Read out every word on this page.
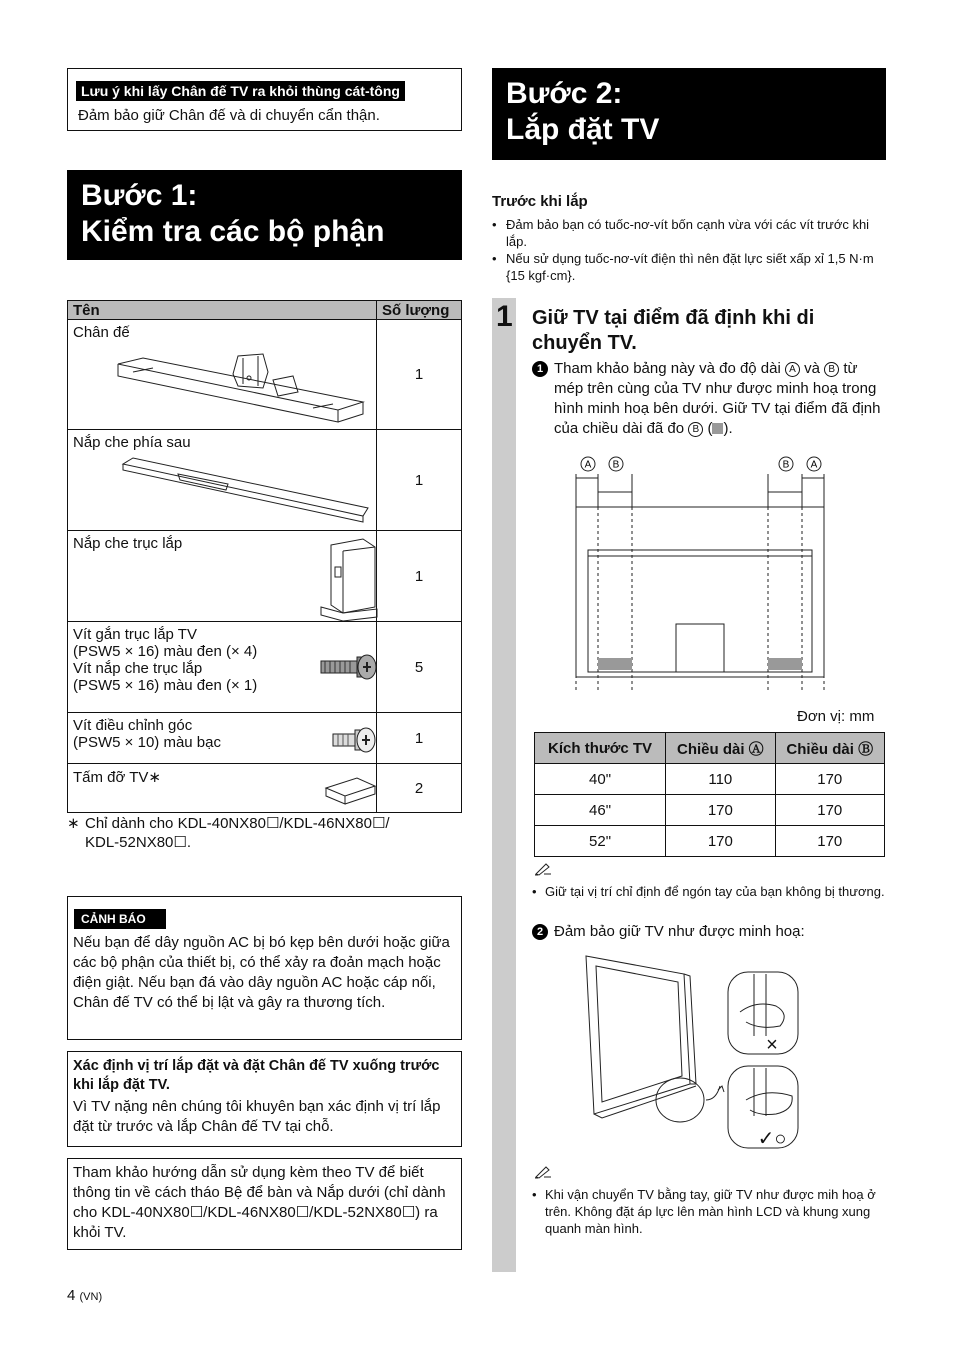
Lưu ý khi lấy Chân đế TV ra khỏi thùng cát-tông
Đảm bảo giữ Chân đế và di chuyển cẩn thận.
Bước 1:
Kiểm tra các bộ phận
Tên	Số lượng

Chân đế	1

Nắp che phía sau	1

Nắp che trục lắp	1

Vít gắn trục lắp TV
(PSW5 × 16) màu đen (× 4)
Vít nắp che trục lắp
(PSW5 × 16) màu đen (× 1)	5

Vít điều chỉnh góc
(PSW5 × 10) màu bạc	1

Tấm đỡ TV∗	2
∗ Chỉ dành cho KDL-40NX80☐/KDL-46NX80☐/
KDL-52NX80☐.
CẢNH BÁO
Nếu bạn để dây nguồn AC bị bó kẹp bên dưới hoặc giữa các bộ phận của thiết bị, có thể xảy ra đoản mạch hoặc điện giật. Nếu bạn đá vào dây nguồn AC hoặc cáp nối, Chân đế TV có thể bị lật và gây ra thương tích.
Xác định vị trí lắp đặt và đặt Chân đế TV xuống trước khi lắp đặt TV.
Vì TV nặng nên chúng tôi khuyên bạn xác định vị trí lắp đặt từ trước và lắp Chân đế TV tại chỗ.
Tham khảo hướng dẫn sử dụng kèm theo TV để biết thông tin về cách tháo Bệ để bàn và Nắp dưới (chỉ dành cho KDL-40NX80☐/KDL-46NX80☐/KDL-52NX80☐) ra khỏi TV.
4 (VN)
Bước 2:
Lắp đặt TV
Trước khi lắp
• Đảm bảo bạn có tuốc-nơ-vít bốn cạnh vừa với các vít trước khi lắp.
• Nếu sử dụng tuốc-nơ-vít điện thì nên đặt lực siết xấp xỉ 1,5 N·m {15 kgf·cm}.
1 Giữ TV tại điểm đã định khi di chuyển TV.
1 Tham khảo bảng này và đo độ dài A và B từ mép trên cùng của TV như được minh hoạ trong hình minh hoạ bên dưới. Giữ TV tại điểm đã định của chiều dài đã đo B ( ).
A B	B A
Đơn vị: mm
Kích thước TV	Chiều dài Ⓐ	Chiều dài Ⓑ
40"	110	170
46"	170	170
52"	170	170
• Giữ tại vị trí chỉ định để ngón tay của bạn không bị thương.
2 Đảm bảo giữ TV như được minh hoạ:
×
✓○
• Khi vận chuyển TV bằng tay, giữ TV như được mih hoạ ở trên. Không đặt áp lực lên màn hình LCD và khung xung quanh màn hình.
